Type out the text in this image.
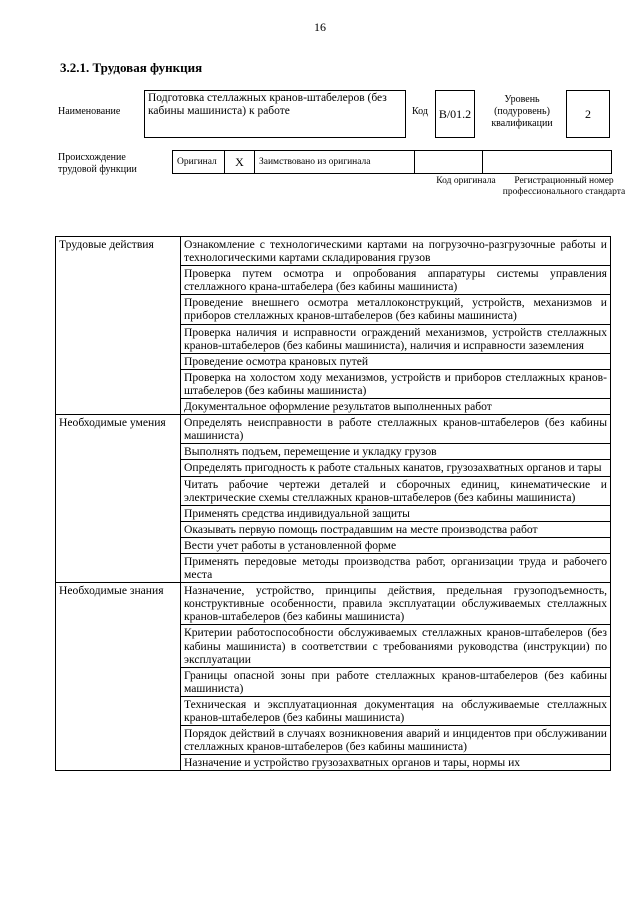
16
3.2.1. Трудовая функция
Наименование
Подготовка стеллажных кранов-штабелеров (без кабины машиниста) к работе	Код B/01.2
Уровень (подуровень) квалификации
2
Происхождение трудовой функции
Оригинал	X	Заимствовано из оригинала
Код оригинала	Регистрационный номер профессионального стандарта
Трудовые действия	Ознакомление с технологическими картами на погрузочно-разгрузочные работы и технологическими картами складирования грузов
	Проверка путем осмотра и опробования аппаратуры системы управления стеллажного крана-штабелера (без кабины машиниста)
	Проведение внешнего осмотра металлоконструкций, устройств, механизмов и приборов стеллажных кранов-штабелеров (без кабины машиниста)
	Проверка наличия и исправности ограждений механизмов, устройств стеллажных кранов-штабелеров (без кабины машиниста), наличия и исправности заземления
	Проведение осмотра крановых путей
	Проверка на холостом ходу механизмов, устройств и приборов стеллажных кранов-штабелеров (без кабины машиниста)
	Документальное оформление результатов выполненных работ
Необходимые умения	Определять неисправности в работе стеллажных кранов-штабелеров (без кабины машиниста)
	Выполнять подъем, перемещение и укладку грузов
	Определять пригодность к работе стальных канатов, грузозахватных органов и тары
	Читать рабочие чертежи деталей и сборочных единиц, кинематические и электрические схемы стеллажных кранов-штабелеров (без кабины машиниста)
	Применять средства индивидуальной защиты
	Оказывать первую помощь пострадавшим на месте производства работ
	Вести учет работы в установленной форме
	Применять передовые методы производства работ, организации труда и рабочего места
Необходимые знания	Назначение, устройство, принципы действия, предельная грузоподъемность, конструктивные особенности, правила эксплуатации обслуживаемых стеллажных кранов-штабелеров (без кабины машиниста)
	Критерии работоспособности обслуживаемых стеллажных кранов-штабелеров (без кабины машиниста) в соответствии с требованиями руководства (инструкции) по эксплуатации
	Границы опасной зоны при работе стеллажных кранов-штабелеров (без кабины машиниста)
	Техническая и эксплуатационная документация на обслуживаемые стеллажных кранов-штабелеров (без кабины машиниста)
	Порядок действий в случаях возникновения аварий и инцидентов при обслуживании стеллажных кранов-штабелеров (без кабины машиниста)
	Назначение и устройство грузозахватных органов и тары, нормы их
